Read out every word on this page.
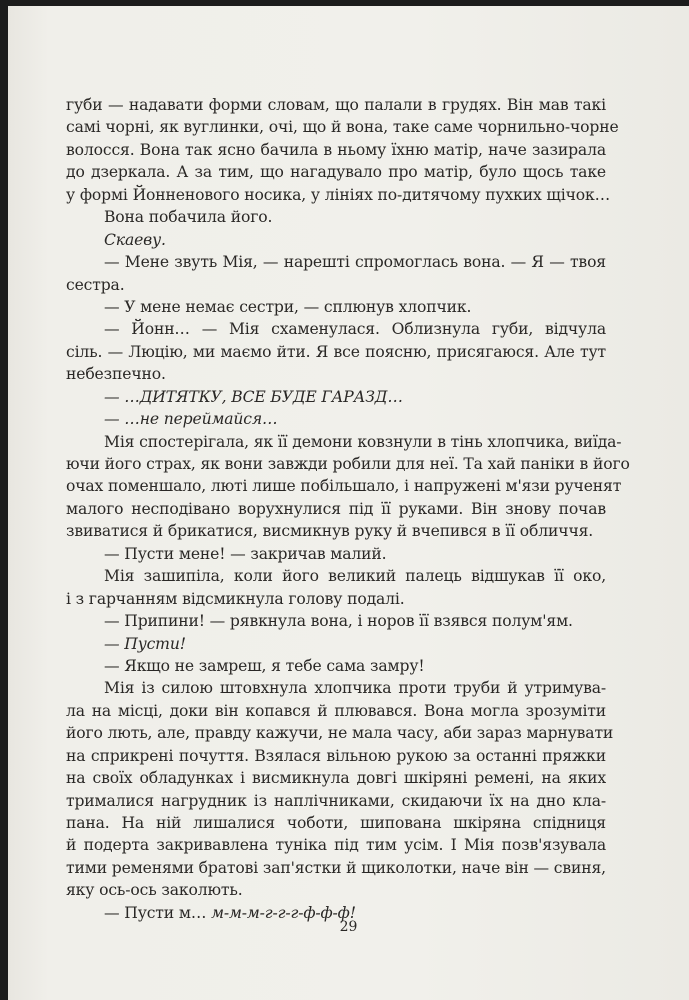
губи — надавати форми словам, що палали в грудях. Він мав такі
самі чорні, як вуглинки, очі, що й вона, таке саме чорнильно-чорне
волосся. Вона так ясно бачила в ньому їхню матір, наче зазирала
до дзеркала. А за тим, що нагадувало про матір, було щось таке
у формі Йонненового носика, у лініях по-дитячому пухких щічок…
Вона побачила його.
Скаеву.
— Мене звуть Мія, — нарешті спромоглась вона. — Я — твоя
сестра.
— У мене немає сестри, — сплюнув хлопчик.
— Йонн… — Мія схаменулася. Облизнула губи, відчула
сіль. — Люцію, ми маємо йти. Я все поясню, присягаюся. Але тут
небезпечно.
— …ДИТЯТКУ, ВСЕ БУДЕ ГАРАЗД…
— …не переймайся…
Мія спостерігала, як її демони ковзнули в тінь хлопчика, виїда-
ючи його страх, як вони завжди робили для неї. Та хай паніки в його
очах поменшало, люті лише побільшало, і напружені м'язи рученят
малого несподівано ворухнулися під її руками. Він знову почав
звиватися й брикатися, висмикнув руку й вчепився в її обличчя.
— Пусти мене! — закричав малий.
Мія зашипіла, коли його великий палець відшукав її око,
і з гарчанням відсмикнула голову подалі.
— Припини! — рявкнула вона, і норов її взявся полум'ям.
— Пусти!
— Якщо не замреш, я тебе сама замру!
Мія із силою штовхнула хлопчика проти труби й утримува-
ла на місці, доки він копався й плювався. Вона могла зрозуміти
його лють, але, правду кажучи, не мала часу, аби зараз марнувати
на сприкрені почуття. Взялася вільною рукою за останні пряжки
на своїх обладунках і висмикнула довгі шкіряні ремені, на яких
трималися нагрудник із наплічниками, скидаючи їх на дно кла-
пана. На ній лишалися чоботи, шипована шкіряна спідниця
й подерта закривавлена туніка під тим усім. І Мія позв'язувала
тими ременями братові зап'ястки й щиколотки, наче він — свиня,
яку ось-ось заколють.
— Пусти м… м-м-м-г-г-г-ф-ф-ф!
29
